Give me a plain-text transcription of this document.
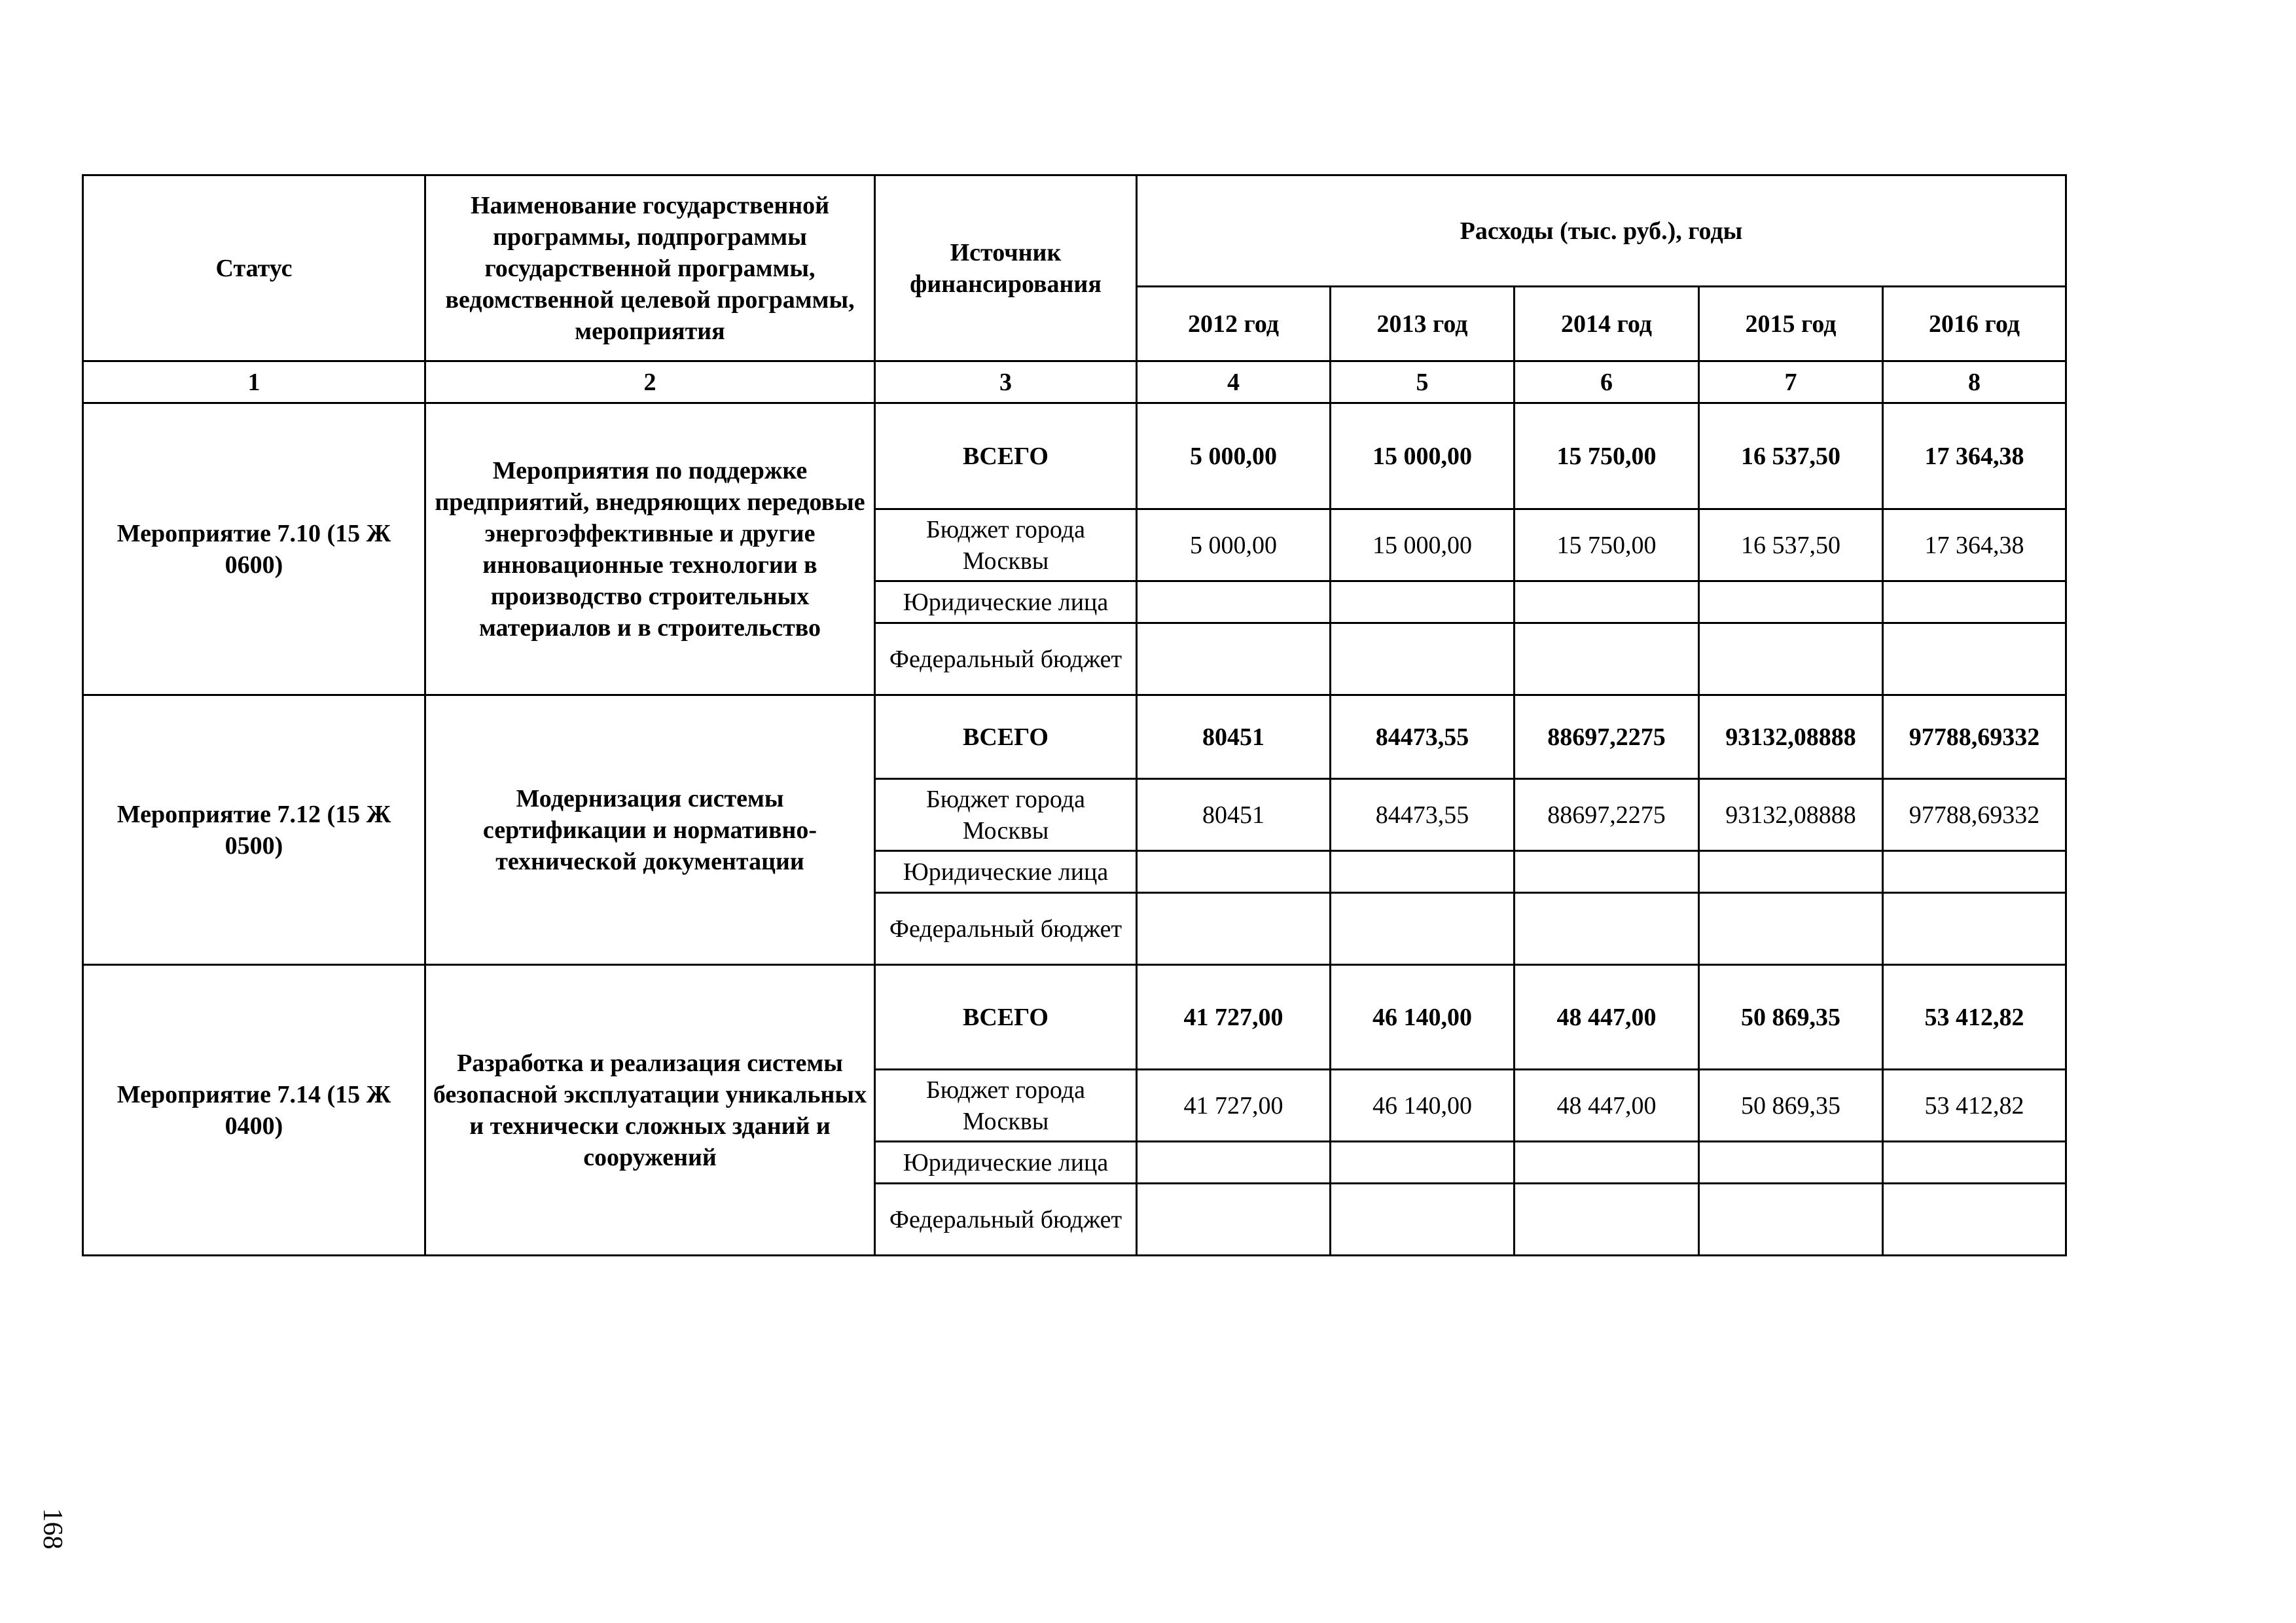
Статус	Наименование государственной программы, подпрограммы государственной программы, ведомственной целевой программы, мероприятия	Источник финансирования	Расходы (тыс. руб.), годы				
			2012 год	2013 год	2014 год	2015 год	2016 год
1	2	3	4	5	6	7	8
Мероприятие 7.10 (15 Ж 0600)	Мероприятия по поддержке предприятий, внедряющих передовые энергоэффективные и другие инновационные технологии в производство строительных материалов и в строительство	ВСЕГО	5 000,00	15 000,00	15 750,00	16 537,50	17 364,38
		Бюджет города Москвы	5 000,00	15 000,00	15 750,00	16 537,50	17 364,38
		Юридические лица					
		Федеральный бюджет					
Мероприятие 7.12 (15 Ж 0500)	Модернизация системы сертификации и нормативно-технической документации	ВСЕГО	80451	84473,55	88697,2275	93132,08888	97788,69332
		Бюджет города Москвы	80451	84473,55	88697,2275	93132,08888	97788,69332
		Юридические лица					
		Федеральный бюджет					
Мероприятие 7.14 (15 Ж 0400)	Разработка и реализация системы безопасной эксплуатации уникальных и технически сложных зданий и сооружений	ВСЕГО	41 727,00	46 140,00	48 447,00	50 869,35	53 412,82
		Бюджет города Москвы	41 727,00	46 140,00	48 447,00	50 869,35	53 412,82
		Юридические лица					
		Федеральный бюджет					
168
